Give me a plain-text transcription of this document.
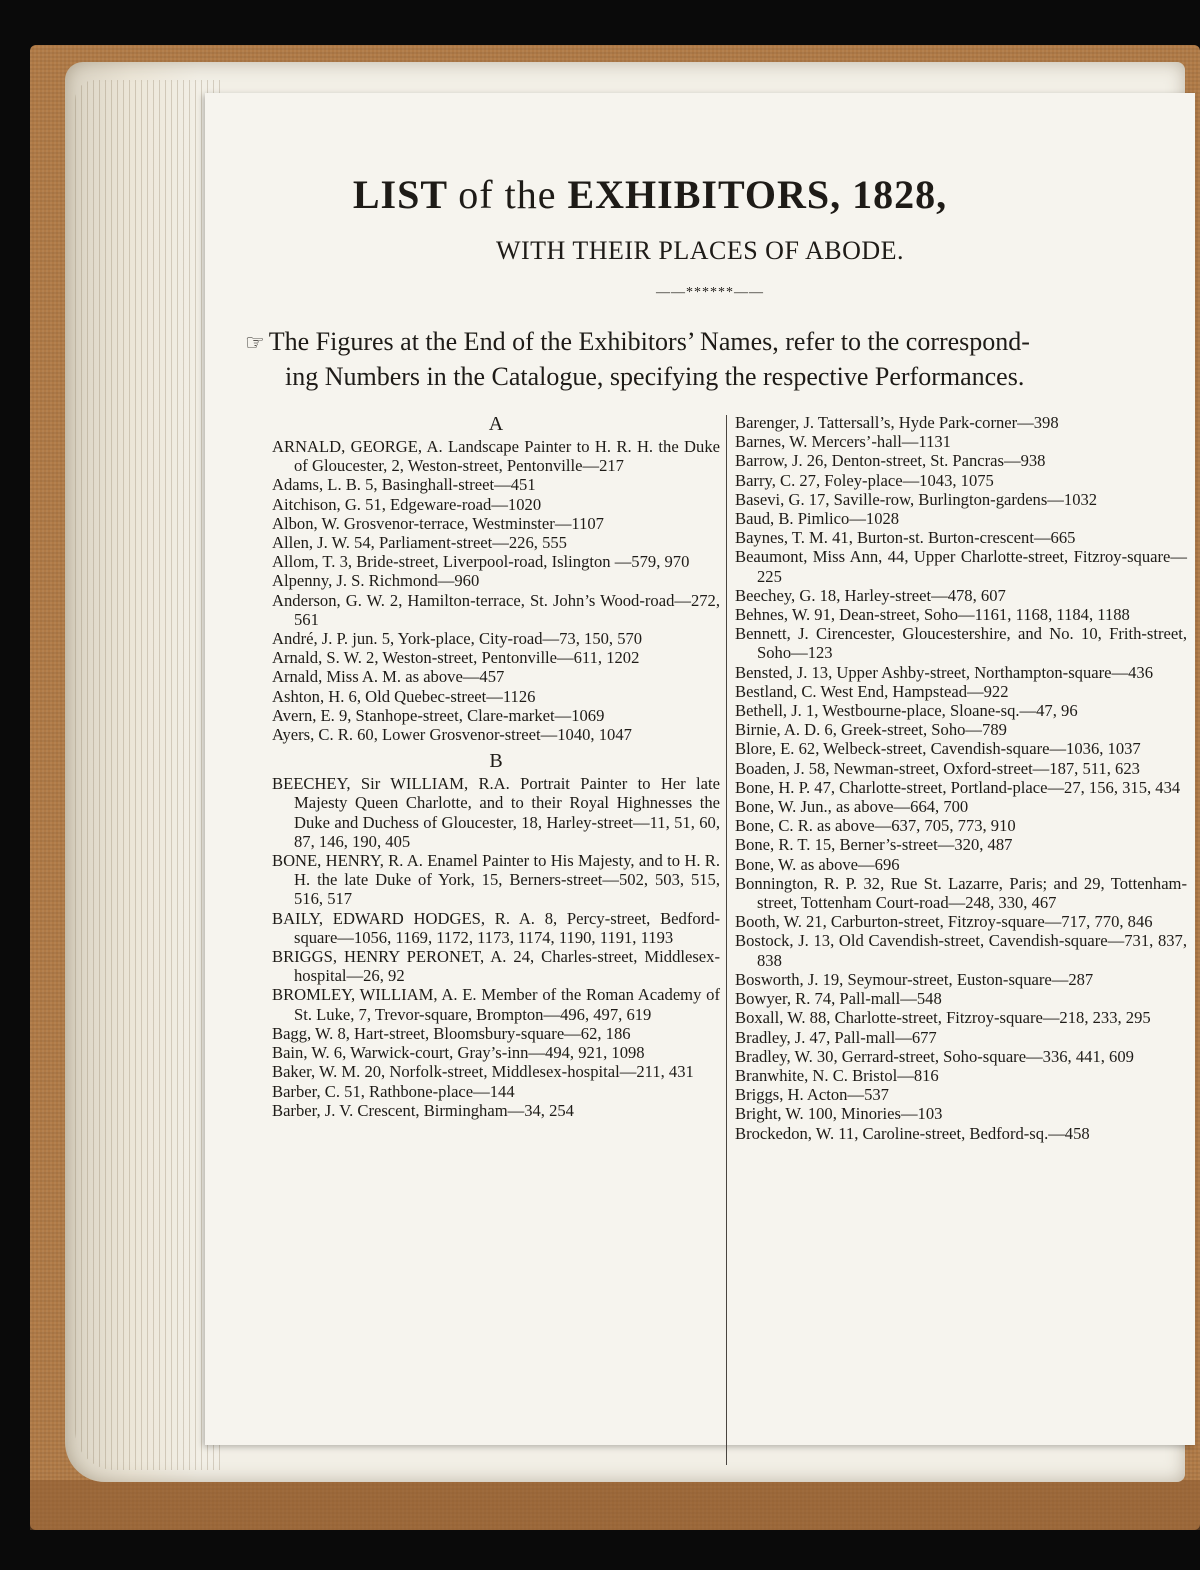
LIST of the EXHIBITORS, 1828,
WITH THEIR PLACES OF ABODE.
——******——
☞ The Figures at the End of the Exhibitors’ Names, refer to the correspond-
ing Numbers in the Catalogue, specifying the respective Performances.
A
ARNALD, GEORGE, A. Landscape Painter to H. R. H. the Duke of Gloucester, 2, Weston-street, Pentonville—217
Adams, L. B. 5, Basinghall-street—451
Aitchison, G. 51, Edgeware-road—1020
Albon, W. Grosvenor-terrace, Westminster—1107
Allen, J. W. 54, Parliament-street—226, 555
Allom, T. 3, Bride-street, Liverpool-road, Islington —579, 970
Alpenny, J. S. Richmond—960
Anderson, G. W. 2, Hamilton-terrace, St. John’s Wood-road—272, 561
André, J. P. jun. 5, York-place, City-road—73, 150, 570
Arnald, S. W. 2, Weston-street, Pentonville—611, 1202
Arnald, Miss A. M. as above—457
Ashton, H. 6, Old Quebec-street—1126
Avern, E. 9, Stanhope-street, Clare-market—1069
Ayers, C. R. 60, Lower Grosvenor-street—1040, 1047
B
BEECHEY, Sir WILLIAM, R.A. Portrait Painter to Her late Majesty Queen Charlotte, and to their Royal Highnesses the Duke and Duchess of Gloucester, 18, Harley-street—11, 51, 60, 87, 146, 190, 405
BONE, HENRY, R. A. Enamel Painter to His Majesty, and to H. R. H. the late Duke of York, 15, Berners-street—502, 503, 515, 516, 517
BAILY, EDWARD HODGES, R. A. 8, Percy-street, Bedford-square—1056, 1169, 1172, 1173, 1174, 1190, 1191, 1193
BRIGGS, HENRY PERONET, A. 24, Charles-street, Middlesex-hospital—26, 92
BROMLEY, WILLIAM, A. E. Member of the Roman Academy of St. Luke, 7, Trevor-square, Brompton—496, 497, 619
Bagg, W. 8, Hart-street, Bloomsbury-square—62, 186
Bain, W. 6, Warwick-court, Gray’s-inn—494, 921, 1098
Baker, W. M. 20, Norfolk-street, Middlesex-hospital—211, 431
Barber, C. 51, Rathbone-place—144
Barber, J. V. Crescent, Birmingham—34, 254
Barenger, J. Tattersall’s, Hyde Park-corner—398
Barnes, W. Mercers’-hall—1131
Barrow, J. 26, Denton-street, St. Pancras—938
Barry, C. 27, Foley-place—1043, 1075
Basevi, G. 17, Saville-row, Burlington-gardens—1032
Baud, B. Pimlico—1028
Baynes, T. M. 41, Burton-st. Burton-crescent—665
Beaumont, Miss Ann, 44, Upper Charlotte-street, Fitzroy-square—225
Beechey, G. 18, Harley-street—478, 607
Behnes, W. 91, Dean-street, Soho—1161, 1168, 1184, 1188
Bennett, J. Cirencester, Gloucestershire, and No. 10, Frith-street, Soho—123
Bensted, J. 13, Upper Ashby-street, Northampton-square—436
Bestland, C. West End, Hampstead—922
Bethell, J. 1, Westbourne-place, Sloane-sq.—47, 96
Birnie, A. D. 6, Greek-street, Soho—789
Blore, E. 62, Welbeck-street, Cavendish-square—1036, 1037
Boaden, J. 58, Newman-street, Oxford-street—187, 511, 623
Bone, H. P. 47, Charlotte-street, Portland-place—27, 156, 315, 434
Bone, W. Jun., as above—664, 700
Bone, C. R. as above—637, 705, 773, 910
Bone, R. T. 15, Berner’s-street—320, 487
Bone, W. as above—696
Bonnington, R. P. 32, Rue St. Lazarre, Paris; and 29, Tottenham-street, Tottenham Court-road—248, 330, 467
Booth, W. 21, Carburton-street, Fitzroy-square—717, 770, 846
Bostock, J. 13, Old Cavendish-street, Cavendish-square—731, 837, 838
Bosworth, J. 19, Seymour-street, Euston-square—287
Bowyer, R. 74, Pall-mall—548
Boxall, W. 88, Charlotte-street, Fitzroy-square—218, 233, 295
Bradley, J. 47, Pall-mall—677
Bradley, W. 30, Gerrard-street, Soho-square—336, 441, 609
Branwhite, N. C. Bristol—816
Briggs, H. Acton—537
Bright, W. 100, Minories—103
Brockedon, W. 11, Caroline-street, Bedford-sq.—458
